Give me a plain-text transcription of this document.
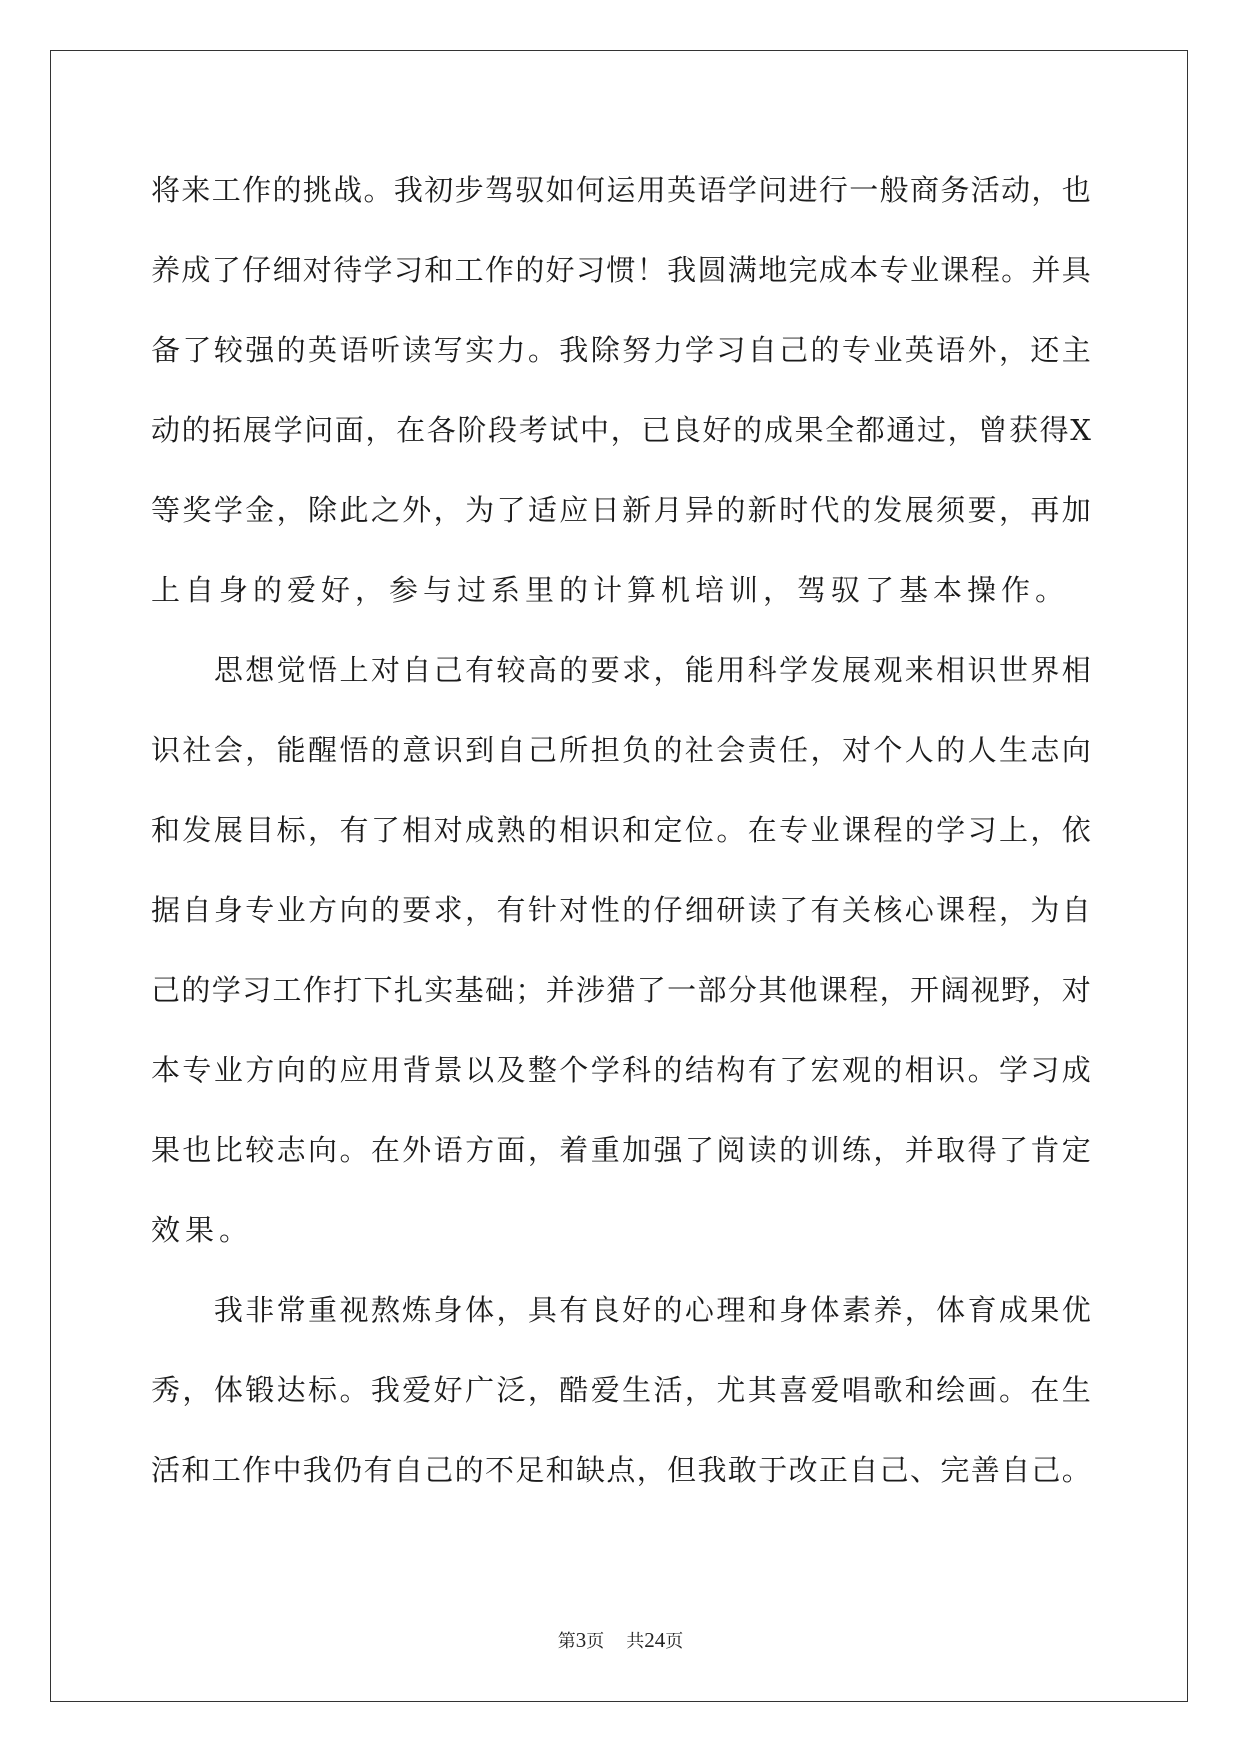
将 来 工 作 的 挑 战 。 我 初 步 驾 驭 如 何 运 用 英 语 学 问 进 行 一 般 商 务 活 动 ， 也
养 成 了 仔 细 对 待 学 习 和 工 作 的 好 习 惯 ！ 我 圆 满 地 完 成 本 专 业 课 程 。 并 具
备 了 较 强 的 英 语 听 读 写 实 力 。 我 除 努 力 学 习 自 己 的 专 业 英 语 外 ， 还 主
动 的 拓 展 学 问 面 ， 在 各 阶 段 考 试 中 ， 已 良 好 的 成 果 全 都 通 过 ， 曾 获 得 X
等 奖 学 金 ， 除 此 之 外 ， 为 了 适 应 日 新 月 异 的 新 时 代 的 发 展 须 要 ， 再 加
上自身的爱好，参与过系里的计算机培训，驾驭了基本操作。

思 想 觉 悟 上 对 自 己 有 较 高 的 要 求 ， 能 用 科 学 发 展 观 来 相 识 世 界 相
识 社 会 ， 能 醒 悟 的 意 识 到 自 己 所 担 负 的 社 会 责 任 ， 对 个 人 的 人 生 志 向
和 发 展 目 标 ， 有 了 相 对 成 熟 的 相 识 和 定 位 。 在 专 业 课 程 的 学 习 上 ， 依
据 自 身 专 业 方 向 的 要 求 ， 有 针 对 性 的 仔 细 研 读 了 有 关 核 心 课 程 ， 为 自
己 的 学 习 工 作 打 下 扎 实 基 础 ； 并 涉 猎 了 一 部 分 其 他 课 程 ， 开 阔 视 野 ， 对
本 专 业 方 向 的 应 用 背 景 以 及 整 个 学 科 的 结 构 有 了 宏 观 的 相 识 。 学 习 成
果 也 比 较 志 向 。 在 外 语 方 面 ， 着 重 加 强 了 阅 读 的 训 练 ， 并 取 得 了 肯 定
效果。

我 非 常 重 视 熬 炼 身 体 ， 具 有 良 好 的 心 理 和 身 体 素 养 ， 体 育 成 果 优
秀 ， 体 锻 达 标 。 我 爱 好 广 泛 ， 酷 爱 生 活 ， 尤 其 喜 爱 唱 歌 和 绘 画 。 在 生
活 和 工 作 中 我 仍 有 自 己 的 不 足 和 缺 点 ， 但 我 敢 于 改 正 自 己 、 完 善 自 己 。
第3页 共24页
